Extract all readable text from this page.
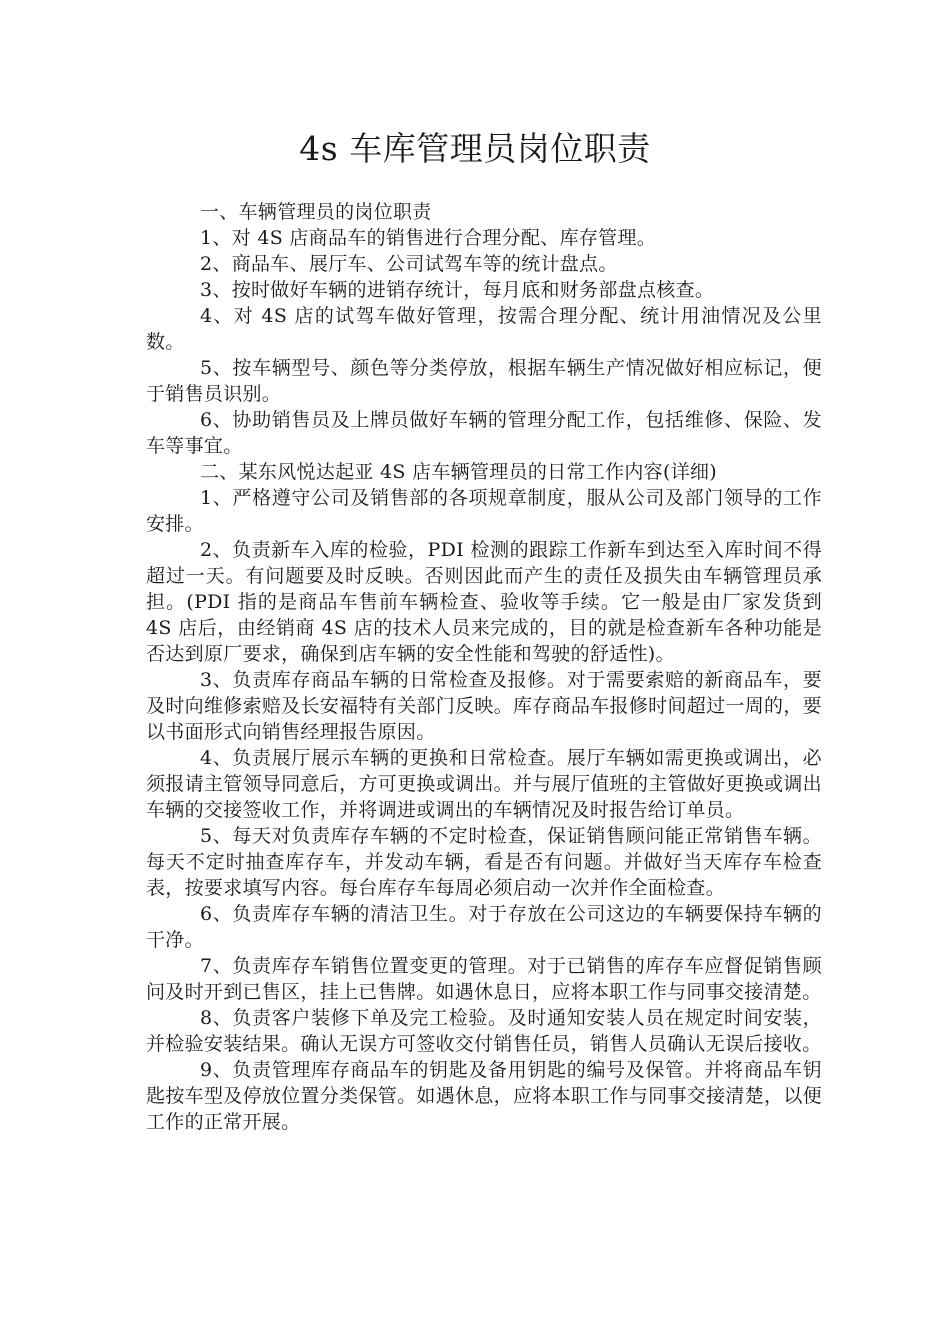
4s 车库管理员岗位职责

一、车辆管理员的岗位职责

1、对 4S 店商品车的销售进行合理分配、库存管理。

2、商品车、展厅车、公司试驾车等的统计盘点。

3、按时做好车辆的进销存统计，每月底和财务部盘点核查。

4、对 4S 店的试驾车做好管理，按需合理分配、统计用油情况及公里数。

5、按车辆型号、颜色等分类停放，根据车辆生产情况做好相应标记，便于销售员识别。

6、协助销售员及上牌员做好车辆的管理分配工作，包括维修、保险、发车等事宜。

二、某东风悦达起亚 4S 店车辆管理员的日常工作内容(详细)

1、严格遵守公司及销售部的各项规章制度，服从公司及部门领导的工作安排。

2、负责新车入库的检验，PDI 检测的跟踪工作新车到达至入库时间不得超过一天。有问题要及时反映。否则因此而产生的责任及损失由车辆管理员承担。(PDI 指的是商品车售前车辆检查、验收等手续。它一般是由厂家发货到 4S 店后，由经销商 4S 店的技术人员来完成的，目的就是检查新车各种功能是否达到原厂要求，确保到店车辆的安全性能和驾驶的舒适性)。

3、负责库存商品车辆的日常检查及报修。对于需要索赔的新商品车，要及时向维修索赔及长安福特有关部门反映。库存商品车报修时间超过一周的，要以书面形式向销售经理报告原因。

4、负责展厅展示车辆的更换和日常检查。展厅车辆如需更换或调出，必须报请主管领导同意后，方可更换或调出。并与展厅值班的主管做好更换或调出车辆的交接签收工作，并将调进或调出的车辆情况及时报告给订单员。

5、每天对负责库存车辆的不定时检查，保证销售顾问能正常销售车辆。每天不定时抽查库存车，并发动车辆，看是否有问题。并做好当天库存车检查表，按要求填写内容。每台库存车每周必须启动一次并作全面检查。

6、负责库存车辆的清洁卫生。对于存放在公司这边的车辆要保持车辆的干净。

7、负责库存车销售位置变更的管理。对于已销售的库存车应督促销售顾问及时开到已售区，挂上已售牌。如遇休息日，应将本职工作与同事交接清楚。

8、负责客户装修下单及完工检验。及时通知安装人员在规定时间安装，并检验安装结果。确认无误方可签收交付销售任员，销售人员确认无误后接收。

9、负责管理库存商品车的钥匙及备用钥匙的编号及保管。并将商品车钥匙按车型及停放位置分类保管。如遇休息，应将本职工作与同事交接清楚，以便工作的正常开展。
